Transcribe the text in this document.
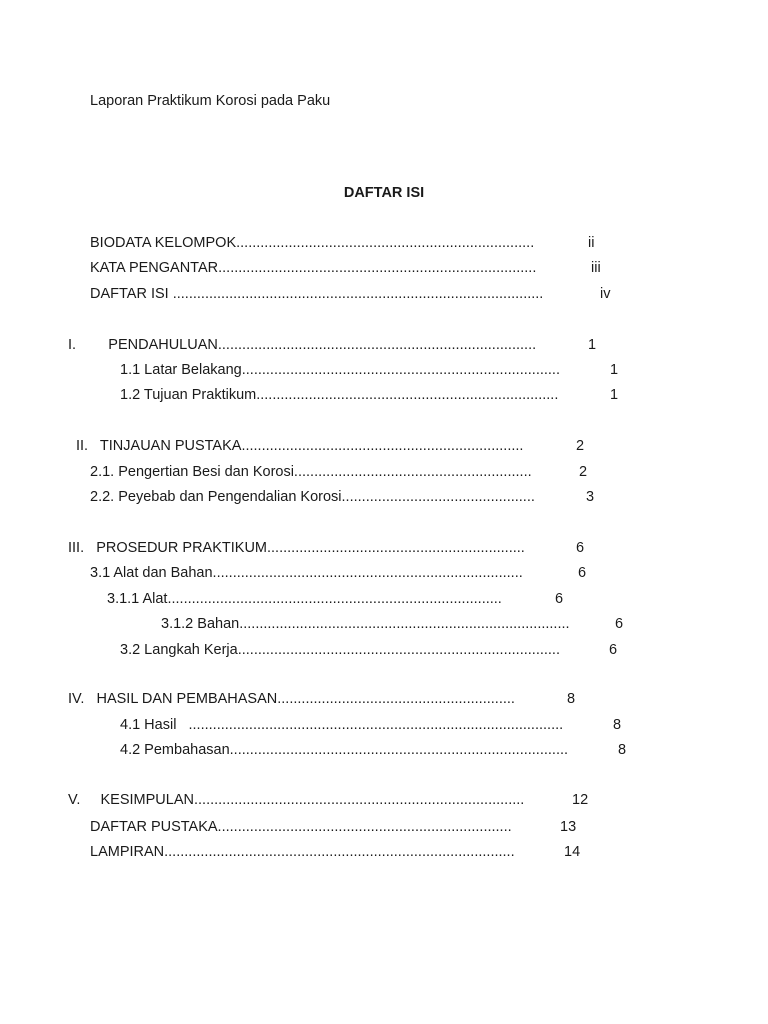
Laporan Praktikum Korosi pada Paku
DAFTAR ISI
BIODATA KELOMPOK..........................................................................	ii
KATA PENGANTAR...............................................................................	iii
DAFTAR ISI ............................................................................................	iv
I.        PENDAHULUAN...............................................................................	1
1.1 Latar Belakang...............................................................................	1
1.2 Tujuan Praktikum...........................................................................	1
II.   TINJAUAN PUSTAKA......................................................................	2
2.1. Pengertian Besi dan Korosi...........................................................	2
2.2. Peyebab dan Pengendalian Korosi................................................	3
III.   PROSEDUR PRAKTIKUM................................................................	6
3.1 Alat dan Bahan.............................................................................	6
3.1.1 Alat...................................................................................	6
3.1.2 Bahan..................................................................................	6
3.2 Langkah Kerja................................................................................	6
IV.   HASIL DAN PEMBAHASAN...........................................................	8
4.1 Hasil   .............................................................................................	8
4.2 Pembahasan....................................................................................	8
V.     KESIMPULAN..................................................................................	12
DAFTAR PUSTAKA.........................................................................	13
LAMPIRAN.......................................................................................	14
